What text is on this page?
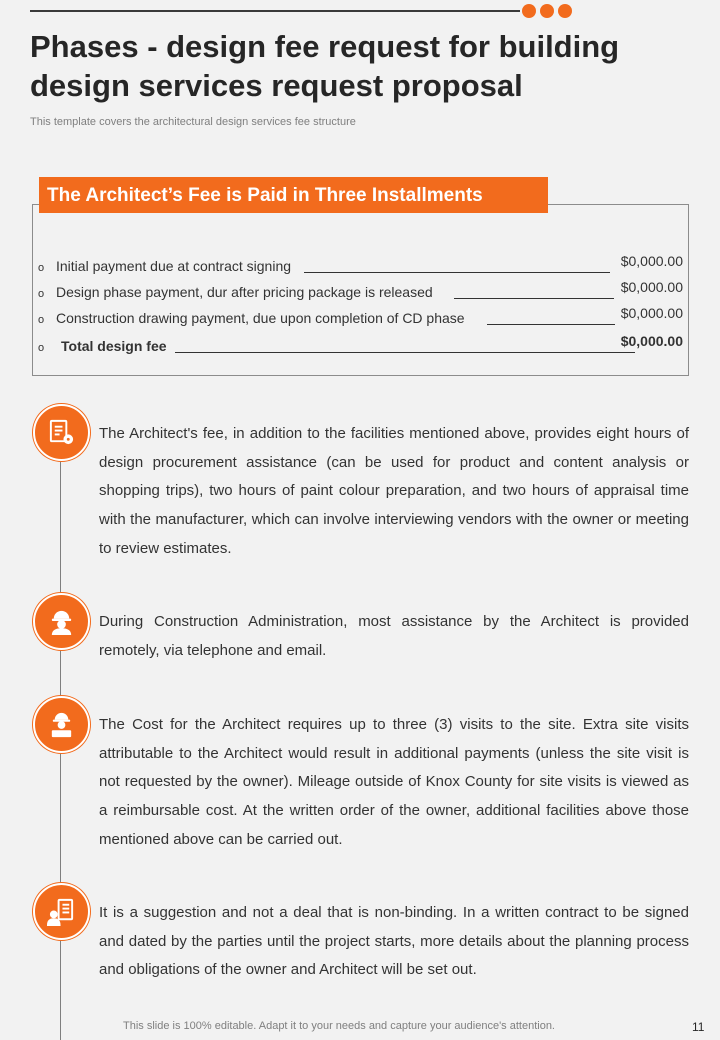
Phases - design fee request for building design services request proposal
This template covers the architectural design services fee structure
The Architect’s Fee is Paid in Three Installments
o Initial payment due at contract signing	$0,000.00
o Design phase payment, dur after pricing package is released	$0,000.00
o Construction drawing payment, due upon completion of CD phase	$0,000.00
o Total design fee	$0,000.00
The Architect's fee, in addition to the facilities mentioned above, provides eight hours of design procurement assistance (can be used for product and content analysis or shopping trips), two hours of paint colour preparation, and two hours of appraisal time with the manufacturer, which can involve interviewing vendors with the owner or meeting to review estimates.
During Construction Administration, most assistance by the Architect is provided remotely, via telephone and email.
The Cost for the Architect requires up to three (3) visits to the site. Extra site visits attributable to the Architect would result in additional payments (unless the site visit is not requested by the owner). Mileage outside of Knox County for site visits is viewed as a reimbursable cost. At the written order of the owner, additional facilities above those mentioned above can be carried out.
It is a suggestion and not a deal that is non-binding. In a written contract to be signed and dated by the parties until the project starts, more details about the planning process and obligations of the owner and Architect will be set out.
This slide is 100% editable. Adapt it to your needs and capture your audience's attention.	11
